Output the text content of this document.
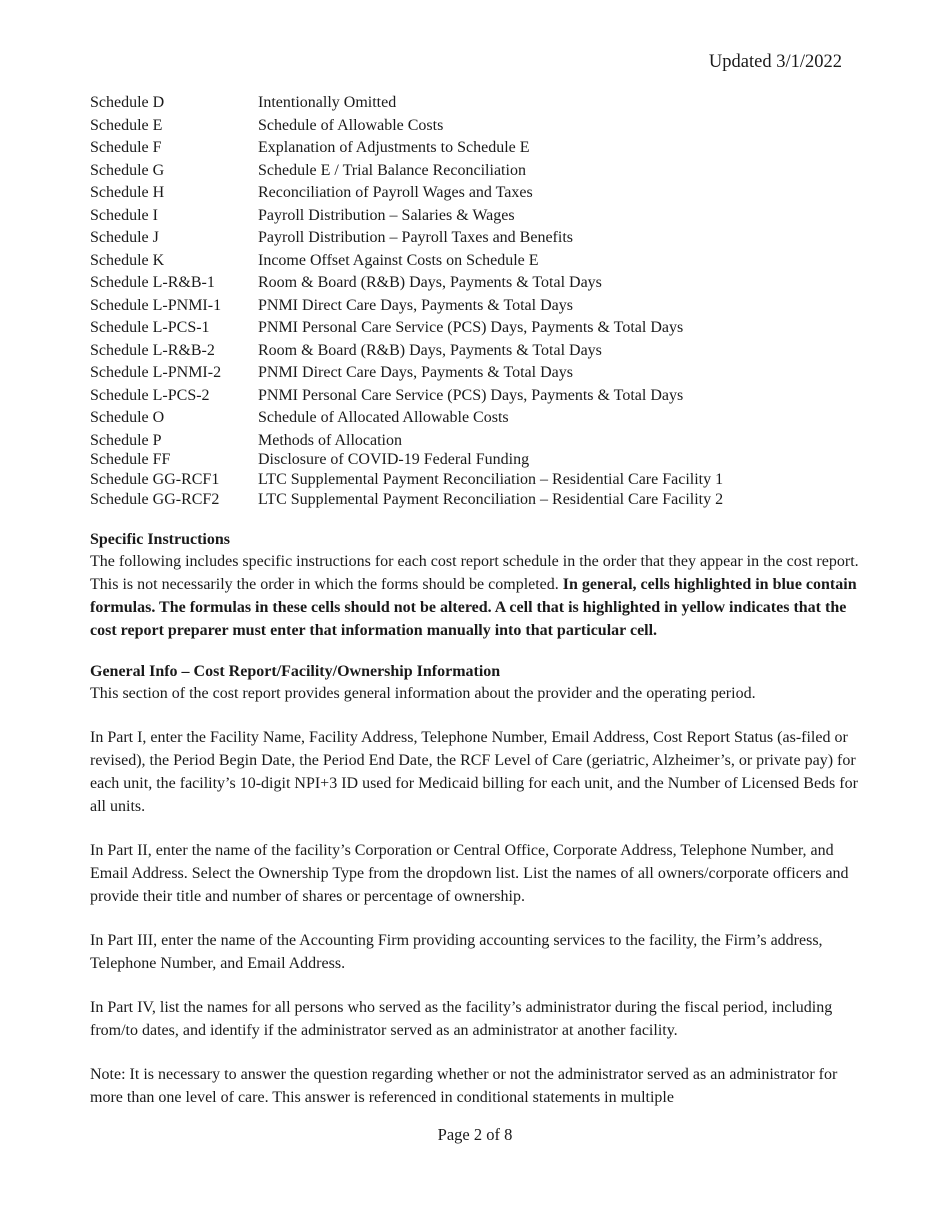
Updated 3/1/2022
Schedule D	Intentionally Omitted
Schedule E	Schedule of Allowable Costs
Schedule F	Explanation of Adjustments to Schedule E
Schedule G	Schedule E / Trial Balance Reconciliation
Schedule H	Reconciliation of Payroll Wages and Taxes
Schedule I	Payroll Distribution – Salaries & Wages
Schedule J	Payroll Distribution – Payroll Taxes and Benefits
Schedule K	Income Offset Against Costs on Schedule E
Schedule L-R&B-1	Room & Board (R&B) Days, Payments & Total Days
Schedule L-PNMI-1	PNMI Direct Care Days, Payments & Total Days
Schedule L-PCS-1	PNMI Personal Care Service (PCS) Days, Payments & Total Days
Schedule L-R&B-2	Room & Board (R&B) Days, Payments & Total Days
Schedule L-PNMI-2	PNMI Direct Care Days, Payments & Total Days
Schedule L-PCS-2	PNMI Personal Care Service (PCS) Days, Payments & Total Days
Schedule O	Schedule of Allocated Allowable Costs
Schedule P	Methods of Allocation
Schedule FF	Disclosure of COVID-19 Federal Funding
Schedule GG-RCF1	LTC Supplemental Payment Reconciliation – Residential Care Facility 1
Schedule GG-RCF2	LTC Supplemental Payment Reconciliation – Residential Care Facility 2
Specific Instructions

The following includes specific instructions for each cost report schedule in the order that they appear in the cost report. This is not necessarily the order in which the forms should be completed. In general, cells highlighted in blue contain formulas. The formulas in these cells should not be altered. A cell that is highlighted in yellow indicates that the cost report preparer must enter that information manually into that particular cell.

General Info – Cost Report/Facility/Ownership Information

This section of the cost report provides general information about the provider and the operating period.

In Part I, enter the Facility Name, Facility Address, Telephone Number, Email Address, Cost Report Status (as-filed or revised), the Period Begin Date, the Period End Date, the RCF Level of Care (geriatric, Alzheimer’s, or private pay) for each unit, the facility’s 10-digit NPI+3 ID used for Medicaid billing for each unit, and the Number of Licensed Beds for all units.

In Part II, enter the name of the facility’s Corporation or Central Office, Corporate Address, Telephone Number, and Email Address. Select the Ownership Type from the dropdown list. List the names of all owners/corporate officers and provide their title and number of shares or percentage of ownership.

In Part III, enter the name of the Accounting Firm providing accounting services to the facility, the Firm’s address, Telephone Number, and Email Address.

In Part IV, list the names for all persons who served as the facility’s administrator during the fiscal period, including from/to dates, and identify if the administrator served as an administrator at another facility.

Note: It is necessary to answer the question regarding whether or not the administrator served as an administrator for more than one level of care. This answer is referenced in conditional statements in multiple

Page 2 of 8
